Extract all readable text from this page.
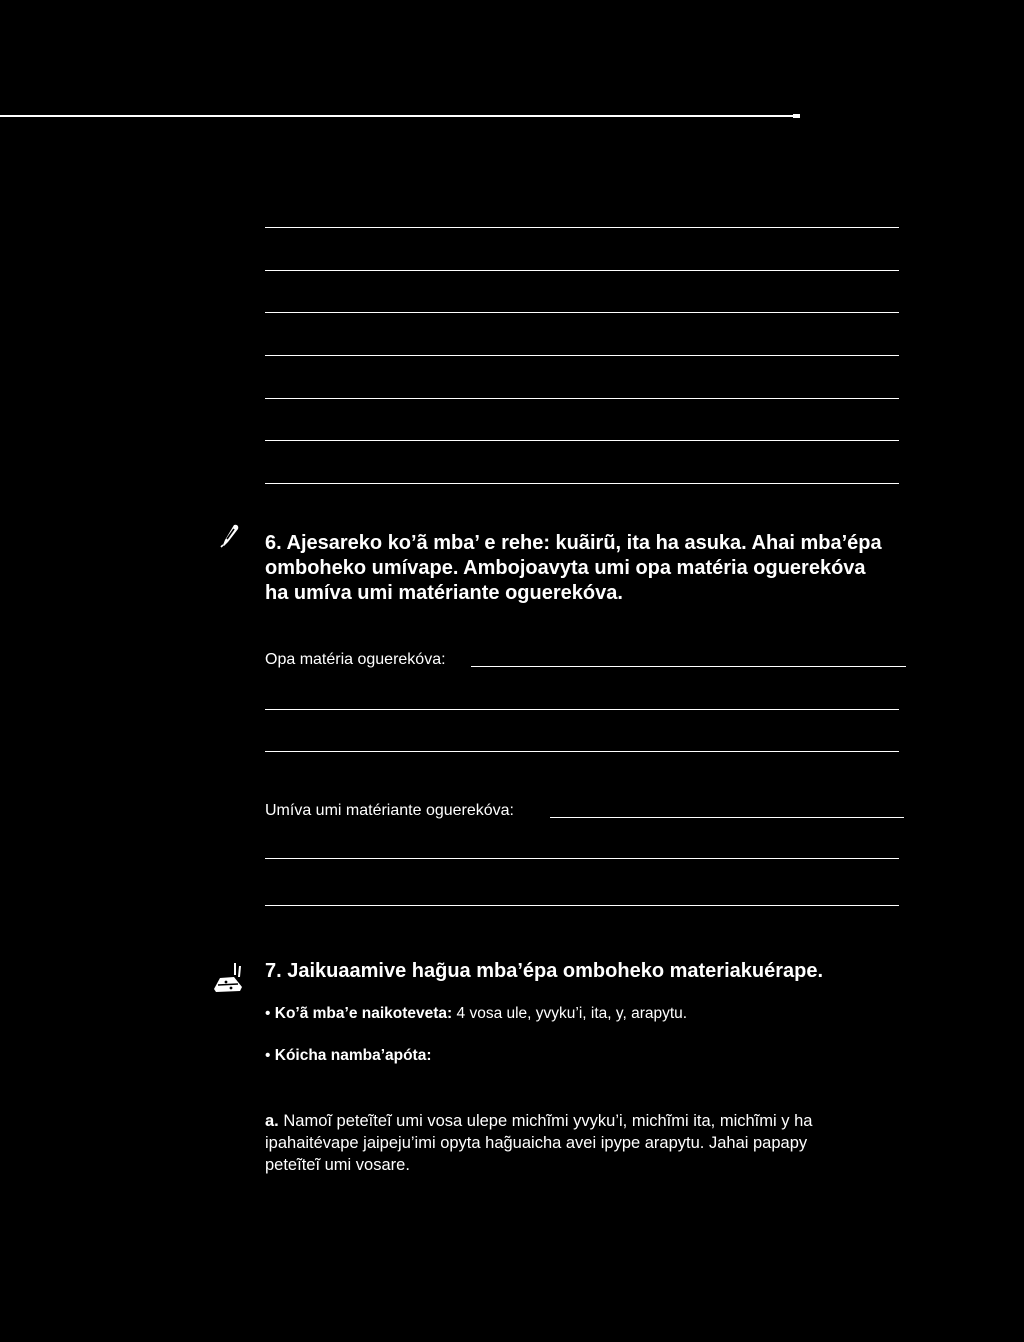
6. Ajesareko ko’ã mba’ e rehe: kuãirũ, ita ha asuka. Ahai mba’épa
omboheko umívape. Ambojoavyta umi opa matéria oguerekóva
ha umíva umi matériante oguerekóva.
Opa matéria oguerekóva:
Umíva umi matériante oguerekóva:
7. Jaikuaamive hag̃ua mba’épa omboheko materiakuérape.
• Ko’ã mba’e naikoteveta: 4 vosa ule, yvyku’i, ita, y, arapytu.
• Kóicha namba’apóta:
a. Namoĩ peteĩteĩ umi vosa ulepe michĩmi yvyku’i, michĩmi ita, michĩmi y ha
ipahaitévape jaipeju’imi opyta hag̃uaicha avei ipype arapytu. Jahai papapy
peteĩteĩ umi vosare.
